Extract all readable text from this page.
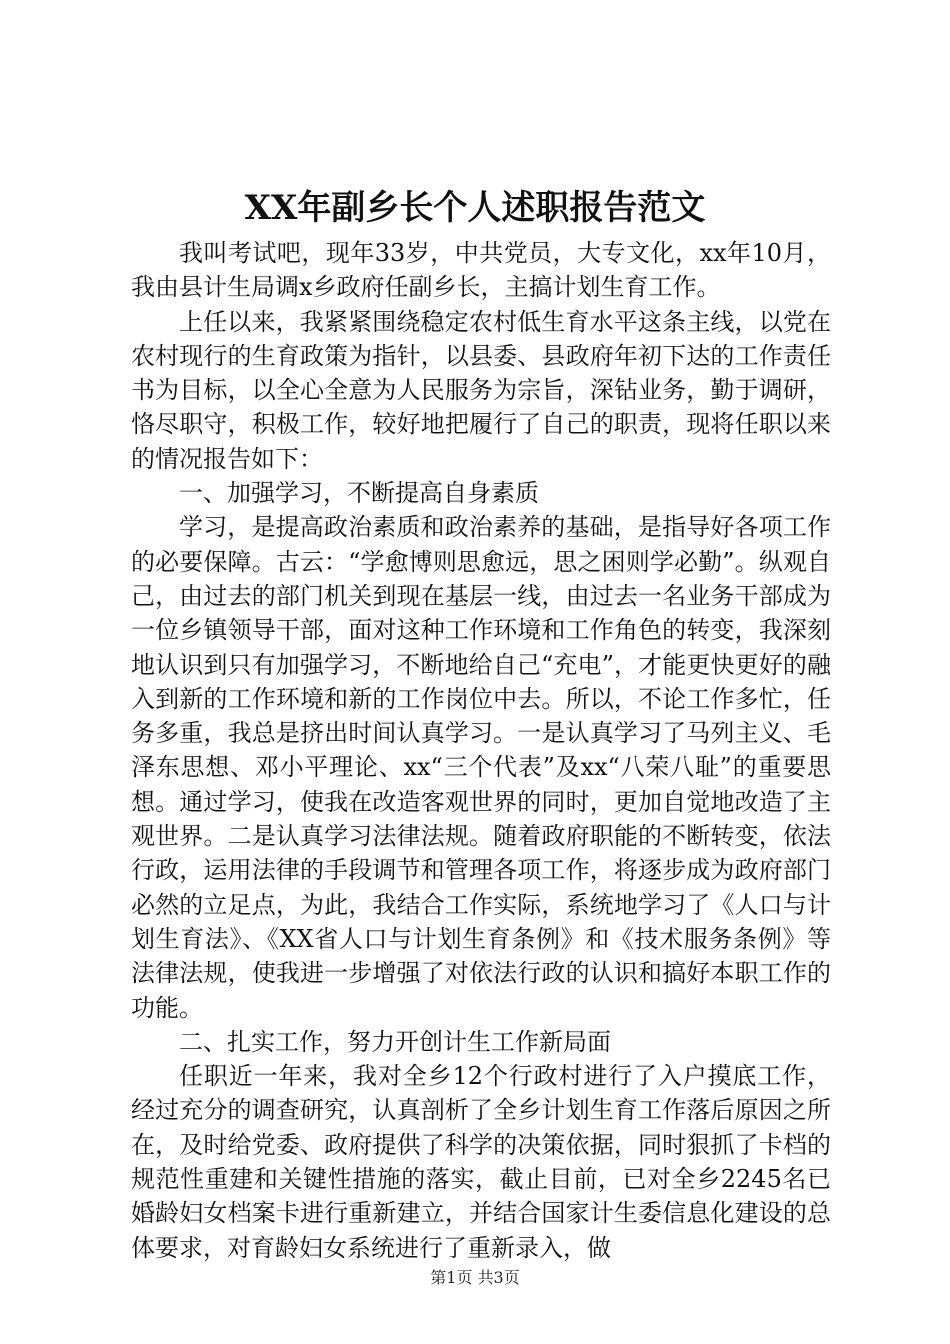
XX年副乡长个人述职报告范文

我叫考试吧，现年33岁，中共党员，大专文化，xx年10月，我由县计生局调x乡政府任副乡长，主搞计划生育工作。

上任以来，我紧紧围绕稳定农村低生育水平这条主线，以党在农村现行的生育政策为指针，以县委、县政府年初下达的工作责任书为目标，以全心全意为人民服务为宗旨，深钻业务，勤于调研，恪尽职守，积极工作，较好地把履行了自己的职责，现将任职以来的情况报告如下：

一、加强学习，不断提高自身素质

学习，是提高政治素质和政治素养的基础，是指导好各项工作的必要保障。古云：“学愈博则思愈远，思之困则学必勤”。纵观自己，由过去的部门机关到现在基层一线，由过去一名业务干部成为一位乡镇领导干部，面对这种工作环境和工作角色的转变，我深刻地认识到只有加强学习，不断地给自己“充电”，才能更快更好的融入到新的工作环境和新的工作岗位中去。所以，不论工作多忙，任务多重，我总是挤出时间认真学习。一是认真学习了马列主义、毛泽东思想、邓小平理论、xx“三个代表”及xx“八荣八耻”的重要思想。通过学习，使我在改造客观世界的同时，更加自觉地改造了主观世界。二是认真学习法律法规。随着政府职能的不断转变，依法行政，运用法律的手段调节和管理各项工作，将逐步成为政府部门必然的立足点，为此，我结合工作实际，系统地学习了《人口与计划生育法》、《XX省人口与计划生育条例》和《技术服务条例》等法律法规，使我进一步增强了对依法行政的认识和搞好本职工作的功能。

二、扎实工作，努力开创计生工作新局面

任职近一年来，我对全乡12个行政村进行了入户摸底工作，经过充分的调查研究，认真剖析了全乡计划生育工作落后原因之所在，及时给党委、政府提供了科学的决策依据，同时狠抓了卡档的规范性重建和关键性措施的落实，截止目前，已对全乡2245名已婚龄妇女档案卡进行重新建立，并结合国家计生委信息化建设的总体要求，对育龄妇女系统进行了重新录入，做

第1页 共3页
